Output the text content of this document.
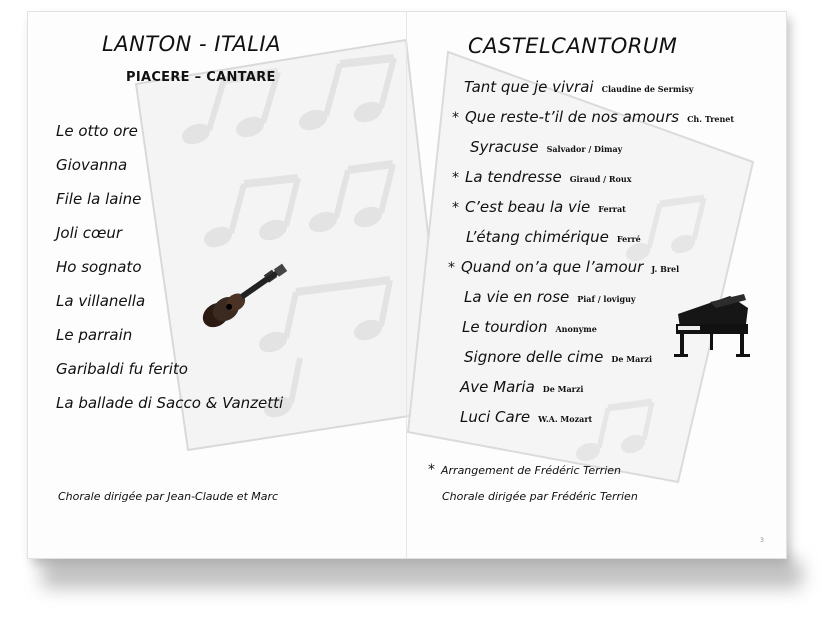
LANTON - ITALIA
PIACERE – CANTARE
Le otto ore
Giovanna
File la laine
Joli cœur
Ho sognato
La villanella
Le parrain
Garibaldi fu ferito
La ballade di Sacco & Vanzetti
Chorale dirigée par Jean-Claude et Marc
CASTELCANTORUM
Tant que je vivrai Claudine de Sermisy
* Que reste-t’il de nos amours Ch. Trenet
Syracuse Salvador / Dimay
* La tendresse Giraud / Roux
* C’est beau la vie Ferrat
L’étang chimérique Ferré
* Quand on’a que l’amour J. Brel
La vie en rose Piaf / loviguy
Le tourdion Anonyme
Signore delle cime De Marzi
Ave Maria De Marzi
Luci Care W.A. Mozart
* Arrangement de Frédéric Terrien
Chorale dirigée par Frédéric Terrien
3
